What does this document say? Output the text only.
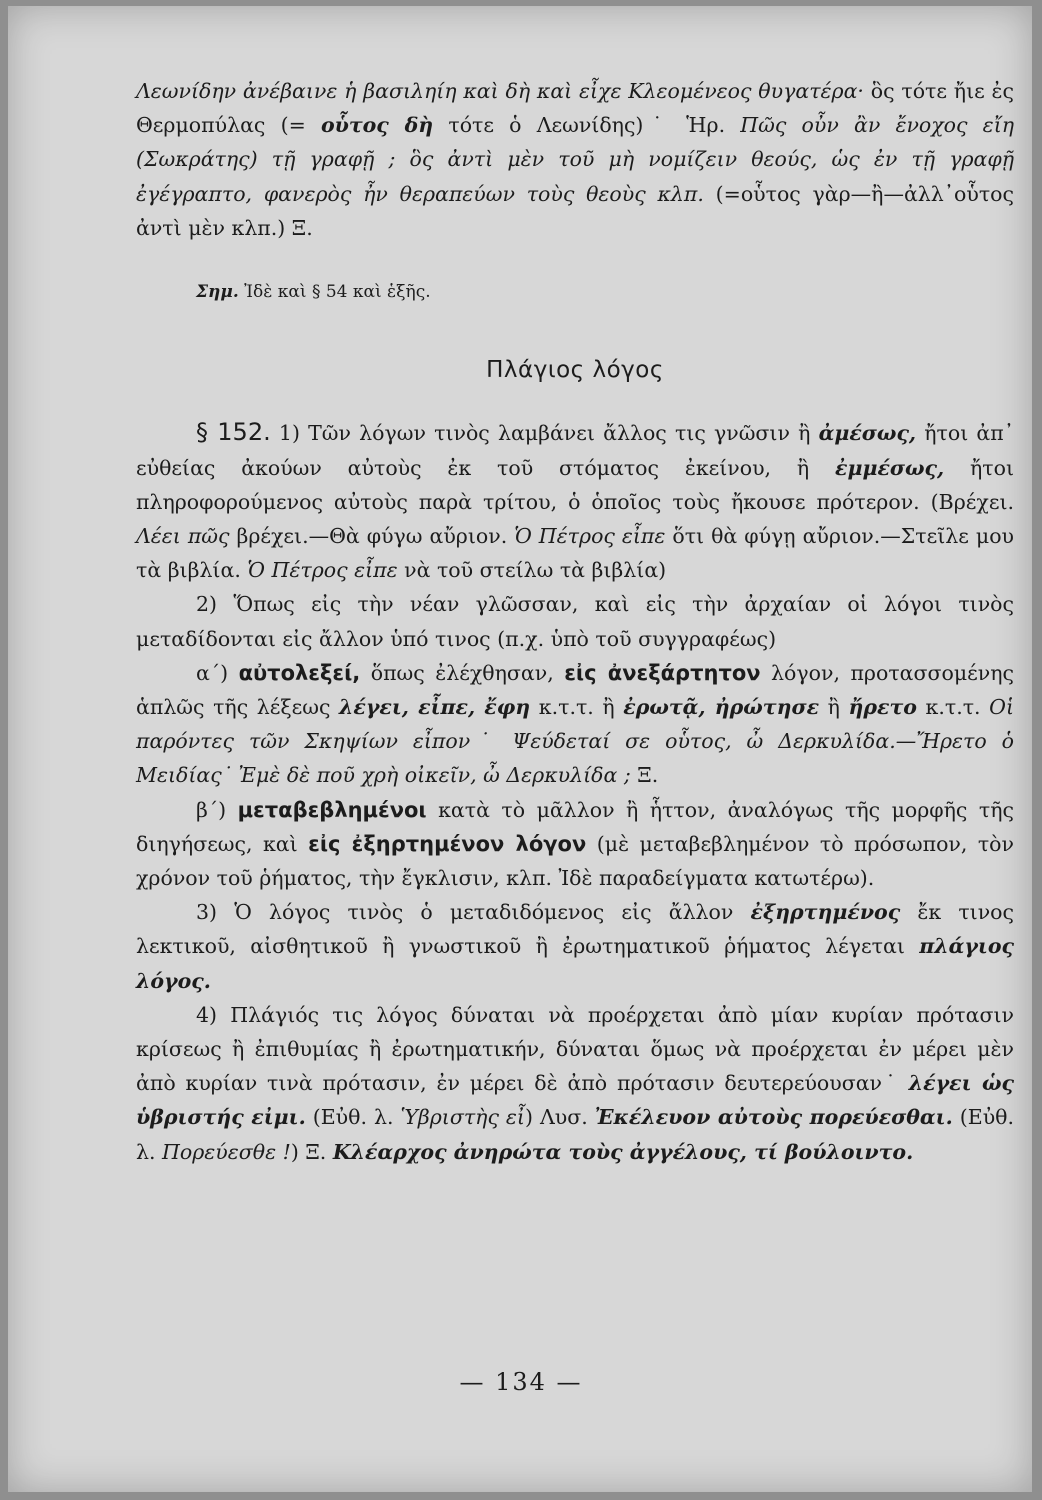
Λεωνίδην ἀνέβαινε ἡ βασιληίη καὶ δὴ καὶ εἶχε Κλεομένεος θυγατέρα· ὃς τότε ἤιε ἐς Θερμοπύλας (= οὗτος δὴ τότε ὁ Λεωνίδης)˙ Ἡρ. Πῶς οὖν ἂν ἔνοχος εἴη (Σωκράτης) τῇ γραφῇ ; ὃς ἀντὶ μὲν τοῦ μὴ νομίζειν θεούς, ὡς ἐν τῇ γραφῇ ἐγέγραπτο, φανερὸς ἦν θεραπεύων τοὺς θεοὺς κλπ. (=οὗτος γὰρ—ἢ—ἀλλ᾽οὗτος ἀντὶ μὲν κλπ.) Ξ.

Σημ. Ἰδὲ καὶ § 54 καὶ ἑξῆς.

Πλάγιος λόγος

§ 152. 1) Τῶν λόγων τινὸς λαμβάνει ἄλλος τις γνῶσιν ἢ ἀμέσως, ἤτοι ἀπ᾽ εὐθείας ἀκούων αὐτοὺς ἐκ τοῦ στόματος ἐκείνου, ἢ ἐμμέσως, ἤτοι πληροφορούμενος αὐτοὺς παρὰ τρίτου, ὁ ὁποῖος τοὺς ἤκουσε πρότερον. (Βρέχει. Λέει πῶς βρέχει.—Θὰ φύγω αὔριον. Ὁ Πέτρος εἶπε ὅτι θὰ φύγῃ αὔριον.—Στεῖλε μου τὰ βιβλία. Ὁ Πέτρος εἶπε νὰ τοῦ στείλω τὰ βιβλία)

2) Ὅπως εἰς τὴν νέαν γλῶσσαν, καὶ εἰς τὴν ἀρχαίαν οἱ λόγοι τινὸς μεταδίδονται εἰς ἄλλον ὑπό τινος (π.χ. ὑπὸ τοῦ συγγραφέως)

α΄) αὐτολεξεί, ὅπως ἐλέχθησαν, εἰς ἀνεξάρτητον λόγον, προτασσομένης ἁπλῶς τῆς λέξεως λέγει, εἶπε, ἔφη κ.τ.τ. ἢ ἐρωτᾷ, ἠρώτησε ἢ ἤρετο κ.τ.τ. Οἱ παρόντες τῶν Σκηψίων εἶπον˙ Ψεύδεταί σε οὗτος, ὦ Δερκυλίδα.—Ἤρετο ὁ Μειδίας˙ Ἐμὲ δὲ ποῦ χρὴ οἰκεῖν, ὦ Δερκυλίδα ; Ξ.

β΄) μεταβεβλημένοι κατὰ τὸ μᾶλλον ἢ ἧττον, ἀναλόγως τῆς μορφῆς τῆς διηγήσεως, καὶ εἰς ἐξηρτημένον λόγον (μὲ μεταβεβλημένον τὸ πρόσωπον, τὸν χρόνον τοῦ ῥήματος, τὴν ἔγκλισιν, κλπ. Ἰδὲ παραδείγματα κατωτέρω).

3) Ὁ λόγος τινὸς ὁ μεταδιδόμενος εἰς ἄλλον ἐξηρτημένος ἔκ τινος λεκτικοῦ, αἰσθητικοῦ ἢ γνωστικοῦ ἢ ἐρωτηματικοῦ ῥήματος λέγεται πλάγιος λόγος.

4) Πλάγιός τις λόγος δύναται νὰ προέρχεται ἀπὸ μίαν κυρίαν πρότασιν κρίσεως ἢ ἐπιθυμίας ἢ ἐρωτηματικήν, δύναται ὅμως νὰ προέρχεται ἐν μέρει μὲν ἀπὸ κυρίαν τινὰ πρότασιν, ἐν μέρει δὲ ἀπὸ πρότασιν δευτερεύουσαν˙ λέγει ὡς ὑβριστής εἰμι. (Εὐθ. λ. Ὑβριστὴς εἶ) Λυσ. Ἐκέλευον αὐτοὺς πορεύεσθαι. (Εὐθ. λ. Πορεύεσθε !) Ξ. Κλέαρχος ἀνηρώτα τοὺς ἀγγέλους, τί βούλοιντο.

— 134 —
